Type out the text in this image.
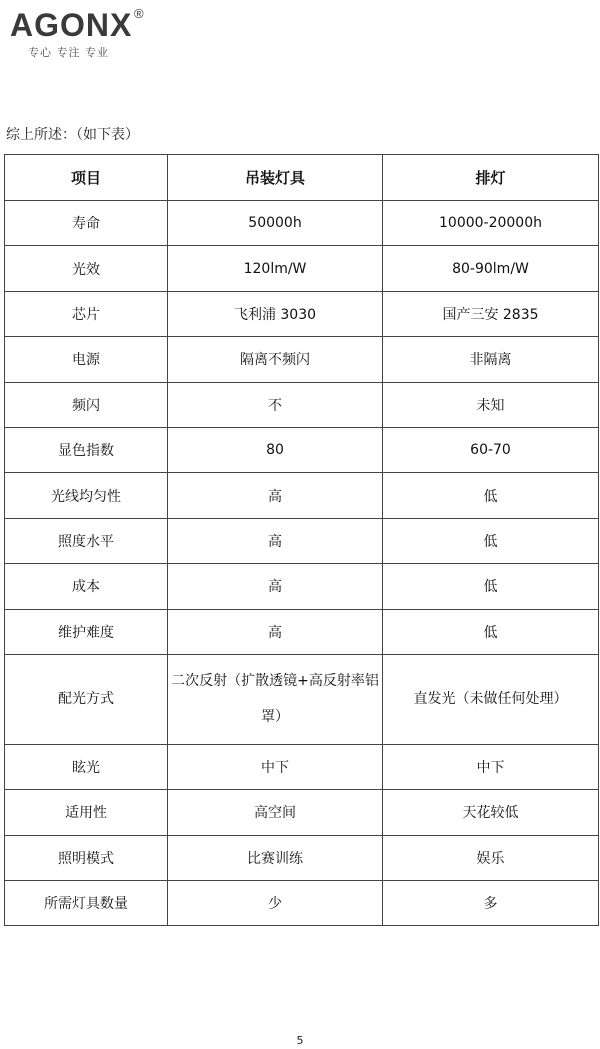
AGONX ®
专心 专注 专业
综上所述：（如下表）
项目	吊装灯具	排灯
寿命	50000h	10000-20000h
光效	120lm/W	80-90lm/W
芯片	飞利浦 3030	国产三安 2835
电源	隔离不频闪	非隔离
频闪	不	未知
显色指数	80	60-70
光线均匀性	高	低
照度水平	高	低
成本	高	低
维护难度	高	低
配光方式	二次反射（扩散透镜+高反射率铝罩）	直发光（未做任何处理）
眩光	中下	中下
适用性	高空间	天花较低
照明模式	比赛训练	娱乐
所需灯具数量	少	多
5
